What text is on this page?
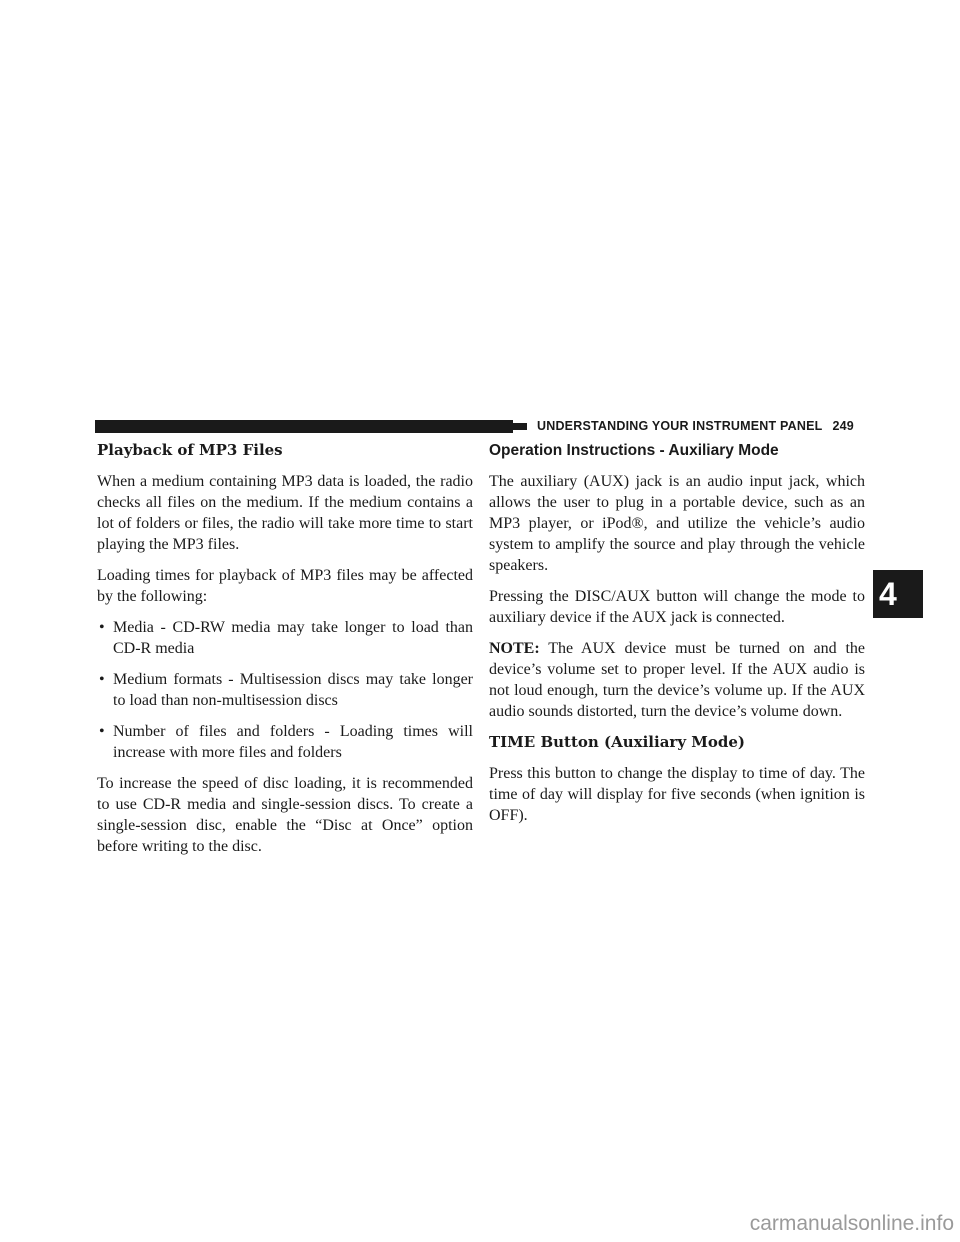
UNDERSTANDING YOUR INSTRUMENT PANEL 249
4
Playback of MP3 Files

When a medium containing MP3 data is loaded, the radio checks all files on the medium. If the medium contains a lot of folders or files, the radio will take more time to start playing the MP3 files.

Loading times for playback of MP3 files may be affected by the following:

• Media - CD-RW media may take longer to load than CD-R media
• Medium formats - Multisession discs may take longer to load than non-multisession discs
• Number of files and folders - Loading times will increase with more files and folders

To increase the speed of disc loading, it is recommended to use CD-R media and single-session discs. To create a single-session disc, enable the “Disc at Once” option before writing to the disc.

Operation Instructions - Auxiliary Mode

The auxiliary (AUX) jack is an audio input jack, which allows the user to plug in a portable device, such as an MP3 player, or iPod®, and utilize the vehicle’s audio system to amplify the source and play through the vehicle speakers.

Pressing the DISC/AUX button will change the mode to auxiliary device if the AUX jack is connected.

NOTE: The AUX device must be turned on and the device’s volume set to proper level. If the AUX audio is not loud enough, turn the device’s volume up. If the AUX audio sounds distorted, turn the device’s volume down.

TIME Button (Auxiliary Mode)

Press this button to change the display to time of day. The time of day will display for five seconds (when ignition is OFF).

carmanualsonline.info
